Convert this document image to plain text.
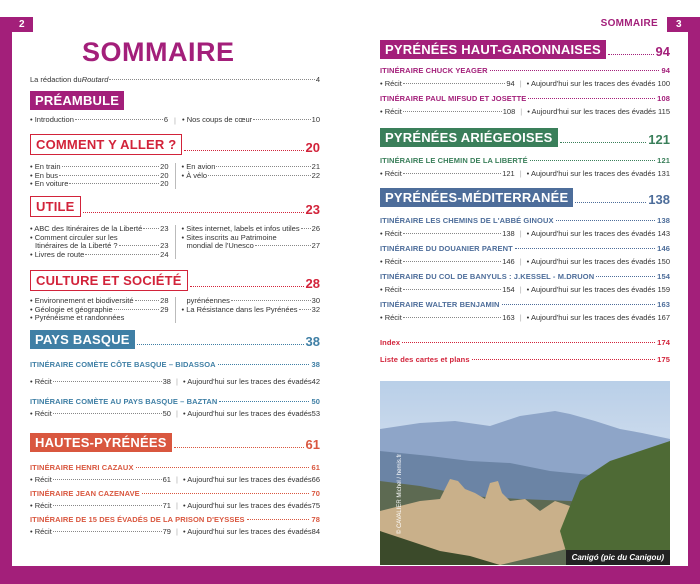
2	3
SOMMAIRE
SOMMAIRE
La rédaction du Routard	4
PRÉAMBULE
• Introduction	6 | • Nos coups de cœur	10
COMMENT Y ALLER ?	20
• En train	20
• En bus	20
• En voiture	20
• En avion	21
• À vélo	22
UTILE	23
• ABC des Itinéraires de la Liberté 23
• Comment circuler sur les
Itinéraires de la Liberté ?	23
• Livres de route	24
• Sites internet, labels et infos utiles 26
• Sites inscrits au Patrimoine
mondial de l'Unesco	27
CULTURE ET SOCIÉTÉ	28
• Environnement et biodiversité	28
• Géologie et géographie	29
• Pyrénéisme et randonnées
pyrénéennes	30
• La Résistance dans les Pyrénées 32
PAYS BASQUE	38
ITINÉRAIRE COMÈTE CÔTE BASQUE – BIDASSOA	38
• Récit	38 | • Aujourd'hui sur les traces des évadés42
ITINÉRAIRE COMÈTE AU PAYS BASQUE – BAZTAN	50
• Récit	50 | • Aujourd'hui sur les traces des évadés53
HAUTES-PYRÉNÉES	61
ITINÉRAIRE HENRI CAZAUX	61
• Récit	61 | • Aujourd'hui sur les traces des évadés66
ITINÉRAIRE JEAN CAZENAVE	70
• Récit	71 | • Aujourd'hui sur les traces des évadés75
ITINÉRAIRE DE 15 DES ÉVADÉS DE LA PRISON D'EYSSES	78
• Récit	79 | • Aujourd'hui sur les traces des évadés84
PYRÉNÉES HAUT-GARONNAISES	94
ITINÉRAIRE CHUCK YEAGER	94
• Récit	94 | • Aujourd'hui sur les traces des évadés 100
ITINÉRAIRE PAUL MIFSUD ET JOSETTE	108
• Récit	108 | • Aujourd'hui sur les traces des évadés 115
PYRÉNÉES ARIÉGEOISES	121
ITINÉRAIRE LE CHEMIN DE LA LIBERTÉ	121
• Récit	121 | • Aujourd'hui sur les traces des évadés 131
PYRÉNÉES-MÉDITERRANÉE	138
ITINÉRAIRE LES CHEMINS DE L'ABBÉ GINOUX	138
• Récit	138 | • Aujourd'hui sur les traces des évadés 143
ITINÉRAIRE DU DOUANIER PARENT	146
• Récit	146 | • Aujourd'hui sur les traces des évadés 150
ITINÉRAIRE DU COL DE BANYULS : J.KESSEL - M.DRUON	154
• Récit	154 | • Aujourd'hui sur les traces des évadés 159
ITINÉRAIRE WALTER BENJAMIN	163
• Récit	163 | • Aujourd'hui sur les traces des évadés 167
Index	174
Liste des cartes et plans	175
© CAVALIER Michel / hemis.fr
Canigó (pic du Canigou)
